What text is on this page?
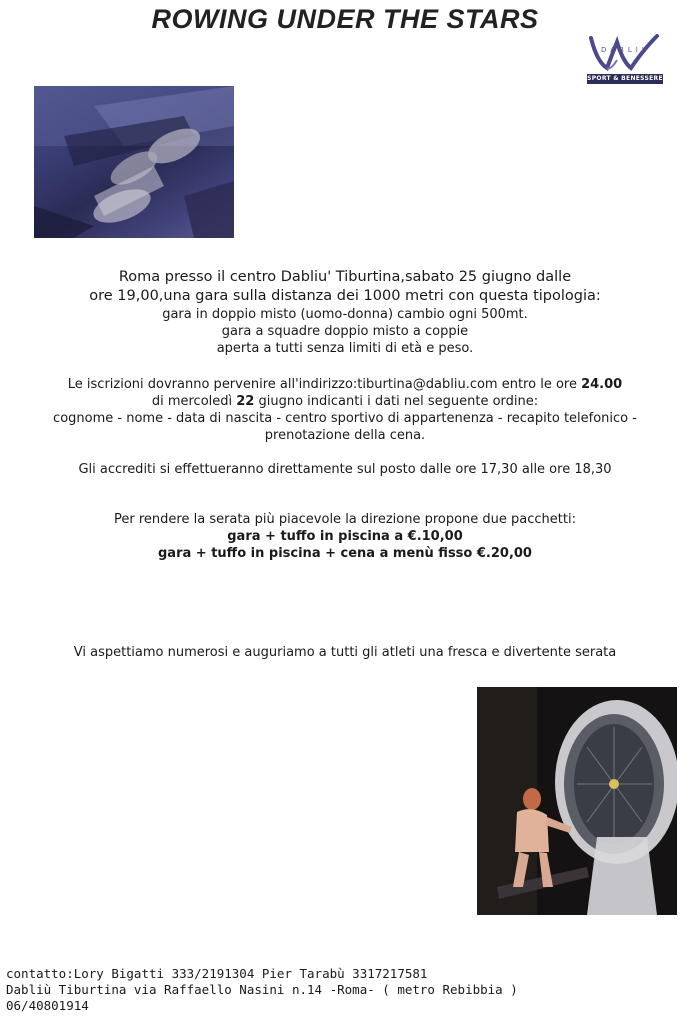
ROWING UNDER THE STARS
DABLIU
SPORT & BENESSERE

Roma presso il centro Dabliu' Tiburtina,sabato 25 giugno dalle

ore 19,00,una gara sulla distanza dei 1000 metri con questa tipologia:

gara in doppio misto (uomo-donna) cambio ogni 500mt.

gara a squadre doppio misto a coppie

aperta a tutti senza limiti di età e peso.

Le iscrizioni dovranno pervenire all'indirizzo:tiburtina@dabliu.com entro le ore 24.00

di mercoledì 22 giugno indicanti i dati nel seguente ordine:

cognome - nome - data di nascita - centro sportivo di appartenenza - recapito telefonico -

prenotazione della cena.

Gli accrediti si effettueranno direttamente sul posto dalle ore 17,30 alle ore 18,30

Per rendere la serata più piacevole la direzione propone due pacchetti:

gara + tuffo in piscina a €.10,00

gara + tuffo in piscina + cena a menù fisso €.20,00

Vi aspettiamo numerosi e auguriamo a tutti gli atleti una fresca e divertente serata

contatto:Lory Bigatti 333/2191304 Pier Tarabù 3317217581

Dabliù Tiburtina via Raffaello Nasini n.14 -Roma- ( metro Rebibbia )

06/40801914
